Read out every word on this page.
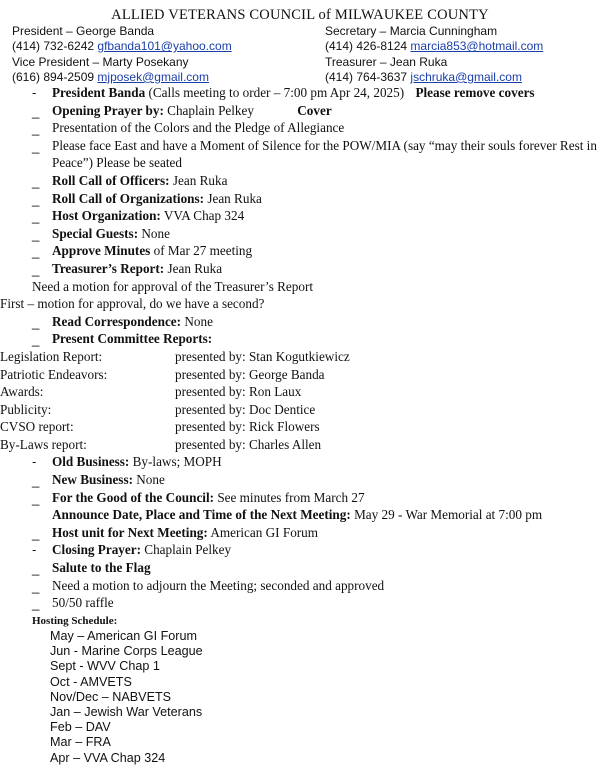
ALLIED VETERANS COUNCIL of MILWAUKEE COUNTY
President – George Banda
(414) 732-6242 gfbanda101@yahoo.com
Vice President – Marty Posekany
(616) 894-2509 mjposek@gmail.com
Secretary – Marcia Cunningham
(414) 426-8124 marcia853@hotmail.com
Treasurer – Jean Ruka
(414) 764-3637 jschruka@gmail.com
-	President Banda (Calls meeting to order – 7:00 pm Apr 24, 2025) Please remove covers
_ Opening Prayer by: Chaplain Pelkey	Cover
_ Presentation of the Colors and the Pledge of Allegiance
_ Please face East and have a Moment of Silence for the POW/MIA (say “may their souls forever Rest in
Peace”) Please be seated
_ Roll Call of Officers: Jean Ruka
_ Roll Call of Organizations: Jean Ruka
_ Host Organization: VVA Chap 324
_ Special Guests: None
_ Approve Minutes of Mar 27 meeting
_ Treasurer’s Report: Jean Ruka
Need a motion for approval of the Treasurer’s Report
First – motion for approval, do we have a second?
_ Read Correspondence: None
_ Present Committee Reports:
Legislation Report:	presented by: Stan Kogutkiewicz
Patriotic Endeavors:	presented by: George Banda
Awards:	presented by: Ron Laux
Publicity:	presented by: Doc Dentice
CVSO report:	presented by: Rick Flowers
By-Laws report:	presented by: Charles Allen
-	Old Business: By-laws; MOPH
_ New Business: None
_ For the Good of the Council: See minutes from March 27
Announce Date, Place and Time of the Next Meeting: May 29 - War Memorial at 7:00 pm
_ Host unit for Next Meeting: American GI Forum
-	Closing Prayer: Chaplain Pelkey
_ Salute to the Flag
_ Need a motion to adjourn the Meeting; seconded and approved
_ 50/50 raffle
Hosting Schedule:
May – American GI Forum
Jun - Marine Corps League
Sept - WVV Chap 1
Oct - AMVETS
Nov/Dec – NABVETS
Jan – Jewish War Veterans
Feb – DAV
Mar – FRA
Apr – VVA Chap 324
